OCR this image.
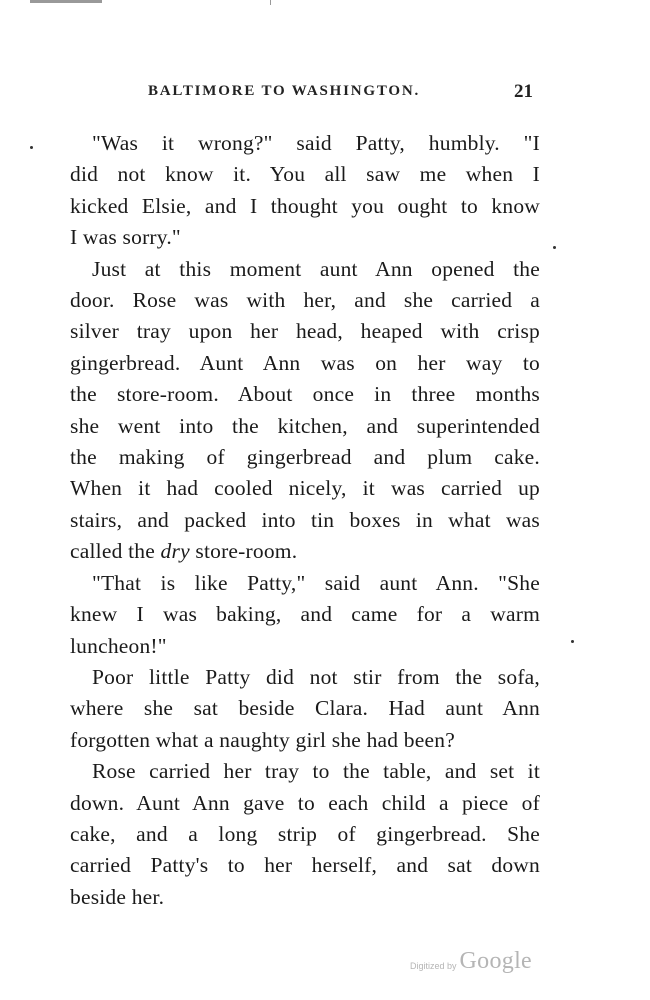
BALTIMORE TO WASHINGTON.	21

"Was it wrong?" said Patty, humbly. "I
did not know it. You all saw me when I
kicked Elsie, and I thought you ought to know
I was sorry."

Just at this moment aunt Ann opened the
door. Rose was with her, and she carried a
silver tray upon her head, heaped with crisp
gingerbread. Aunt Ann was on her way to
the store-room. About once in three months
she went into the kitchen, and superintended
the making of gingerbread and plum cake.
When it had cooled nicely, it was carried up
stairs, and packed into tin boxes in what was
called the dry store-room.

"That is like Patty," said aunt Ann. "She
knew I was baking, and came for a warm
luncheon!"

Poor little Patty did not stir from the sofa,
where she sat beside Clara. Had aunt Ann
forgotten what a naughty girl she had been?

Rose carried her tray to the table, and set it
down. Aunt Ann gave to each child a piece of
cake, and a long strip of gingerbread. She
carried Patty's to her herself, and sat down
beside her.

Digitized by Google
